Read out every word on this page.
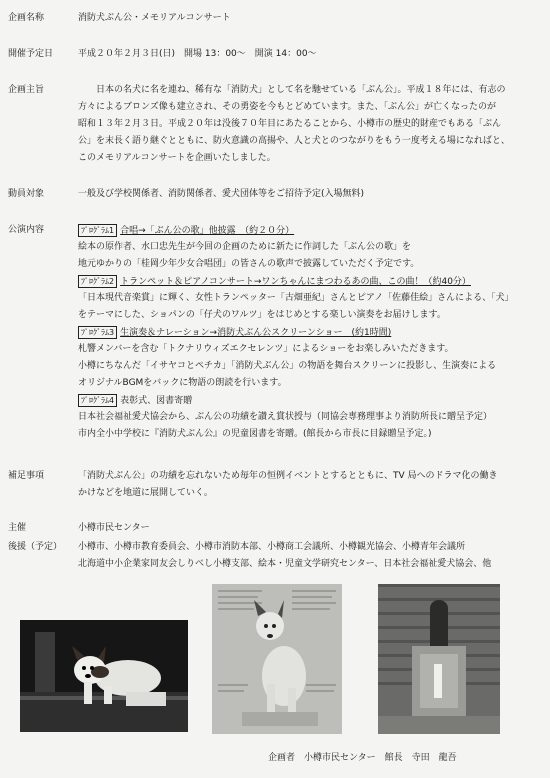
企画名称	消防犬ぶん公・メモリアルコンサート
開催予定日	平成２０年２月３日(日)　開場 13：00～　開演 14：00～
企画主旨	日本の名犬に名を連ね、稀有な「消防犬」として名を馳せている「ぶん公」。平成１８年には、有志の
方々によるブロンズ像も建立され、その勇姿を今もとどめています。また、「ぶん公」が亡くなったのが
昭和１３年２月３日。平成２０年は没後７０年目にあたることから、小樽市の歴史的財産でもある「ぶん
公」を末長く語り継ぐとともに、防火意識の高揚や、人と犬とのつながりをもう一度考える場になればと、
このメモリアルコンサートを企画いたしました。
動員対象	一般及び学校関係者、消防関係者、愛犬団体等をご招待予定(入場無料)
公演内容	ﾌﾟﾛｸﾞﾗﾑ1 合唱→「ぶん公の歌」他披露　（約２０分）
絵本の原作者、水口忠先生が今回の企画のために新たに作詞した「ぶん公の歌」を
地元ゆかりの「桂岡少年少女合唱団」の皆さんの歌声で披露していただく予定です。
ﾌﾟﾛｸﾞﾗﾑ2 トランペット＆ピアノコンサート→ワンちゃんにまつわるあの曲、この曲！（約40分）
「日本現代音楽賞」に輝く、女性トランペッター「古畑亜紀」さんとピアノ「佐藤佳絵」さんによる、「犬」
をテーマにした、ショパンの「仔犬のワルツ」をはじめとする楽しい演奏をお届けします。
ﾌﾟﾛｸﾞﾗﾑ3 生演奏＆ナレーション→消防犬ぶん公スクリーンショー　(約1時間)
札響メンバーを含む「トクナリウィズエクセレンツ」によるショーをお楽しみいただきます。
小樽にちなんだ「イサヤコとペチカ」「消防犬ぶん公」の物語を舞台スクリーンに投影し、生演奏による
オリジナルBGMをバックに物語の朗読を行います。
ﾌﾟﾛｸﾞﾗﾑ4 表彰式、図書寄贈
日本社会福祉愛犬協会から、ぶん公の功績を讃え賞状授与（同協会専務理事より消防所長に贈呈予定）
市内全小中学校に『消防犬ぶん公』の児童図書を寄贈。(館長から市長に目録贈呈予定。)
補足事項	「消防犬ぶん公」の功績を忘れないため毎年の恒例イベントとするとともに、TV 局へのドラマ化の働き
かけなどを地道に展開していく。
主催	小樽市民センター
後援（予定） 小樽市、小樽市教育委員会、小樽市消防本部、小樽商工会議所、小樽観光協会、小樽青年会議所
北海道中小企業家同友会しりべし小樽支部、絵本・児童文学研究センター、日本社会福祉愛犬協会、他
企画者　小樽市民センター　館長　寺田　龍吾
